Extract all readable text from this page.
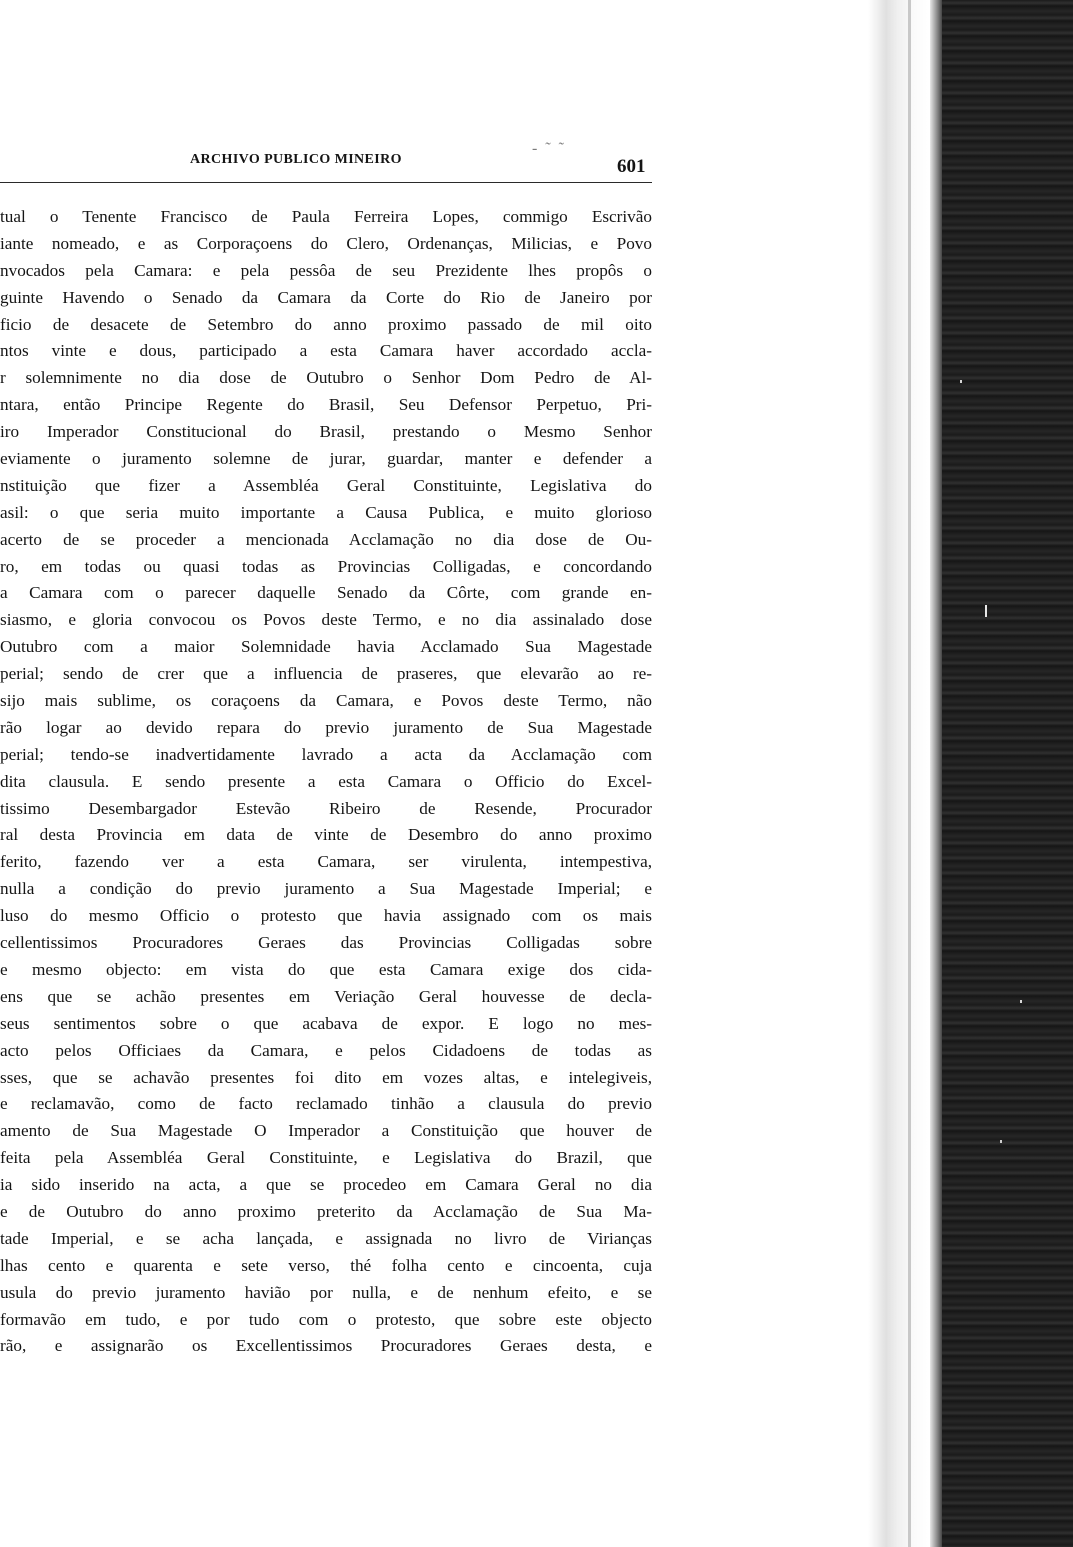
ARCHIVO PUBLICO MINEIRO
- ˜ ˜
601
tual o Tenente Francisco de Paula Ferreira Lopes, commigo Escrivão
iante nomeado, e as Corporaçoens do Clero, Ordenanças, Milicias, e Povo
nvocados pela Camara: e pela pessôa de seu Prezidente lhes propôs o
guinte Havendo o Senado da Camara da Corte do Rio de Janeiro por
ficio de desacete de Setembro do anno proximo passado de mil oito
ntos vinte e dous, participado a esta Camara haver accordado accla-
r solemnimente no dia dose de Outubro o Senhor Dom Pedro de Al-
ntara, então Principe Regente do Brasil, Seu Defensor Perpetuo, Pri-
iro Imperador Constitucional do Brasil, prestando o Mesmo Senhor
eviamente o juramento solemne de jurar, guardar, manter e defender a
nstituição que fizer a Assembléa Geral Constituinte, Legislativa do
asil: o que seria muito importante a Causa Publica, e muito glorioso
acerto de se proceder a mencionada Acclamação no dia dose de Ou-
ro, em todas ou quasi todas as Provincias Colligadas, e concordando
a Camara com o parecer daquelle Senado da Côrte, com grande en-
siasmo, e gloria convocou os Povos deste Termo, e no dia assinalado dose
Outubro com a maior Solemnidade havia Acclamado Sua Magestade
perial; sendo de crer que a influencia de praseres, que elevarão ao re-
sijo mais sublime, os coraçoens da Camara, e Povos deste Termo, não
rão logar ao devido repara do previo juramento de Sua Magestade
perial; tendo-se inadvertidamente lavrado a acta da Acclamação com
dita clausula. E sendo presente a esta Camara o Officio do Excel-
tissimo Desembargador Estevão Ribeiro de Resende, Procurador
ral desta Provincia em data de vinte de Desembro do anno proximo
ferito, fazendo ver a esta Camara, ser virulenta, intempestiva,
nulla a condição do previo juramento a Sua Magestade Imperial; e
luso do mesmo Officio o protesto que havia assignado com os mais
cellentissimos Procuradores Geraes das Provincias Colligadas sobre
e mesmo objecto: em vista do que esta Camara exige dos cida-
ens que se achão presentes em Veriação Geral houvesse de decla-
seus sentimentos sobre o que acabava de expor. E logo no mes-
acto pelos Officiaes da Camara, e pelos Cidadoens de todas as
sses, que se achavão presentes foi dito em vozes altas, e intelegiveis,
e reclamavão, como de facto reclamado tinhão a clausula do previo
amento de Sua Magestade O Imperador a Constituição que houver de
feita pela Assembléa Geral Constituinte, e Legislativa do Brazil, que
ia sido inserido na acta, a que se procedeo em Camara Geral no dia
e de Outubro do anno proximo preterito da Acclamação de Sua Ma-
tade Imperial, e se acha lançada, e assignada no livro de Virianças
lhas cento e quarenta e sete verso, thé folha cento e cincoenta, cuja
usula do previo juramento havião por nulla, e de nenhum efeito, e se
formavão em tudo, e por tudo com o protesto, que sobre este objecto
rão, e assignarão os Excellentissimos Procuradores Geraes desta, e
